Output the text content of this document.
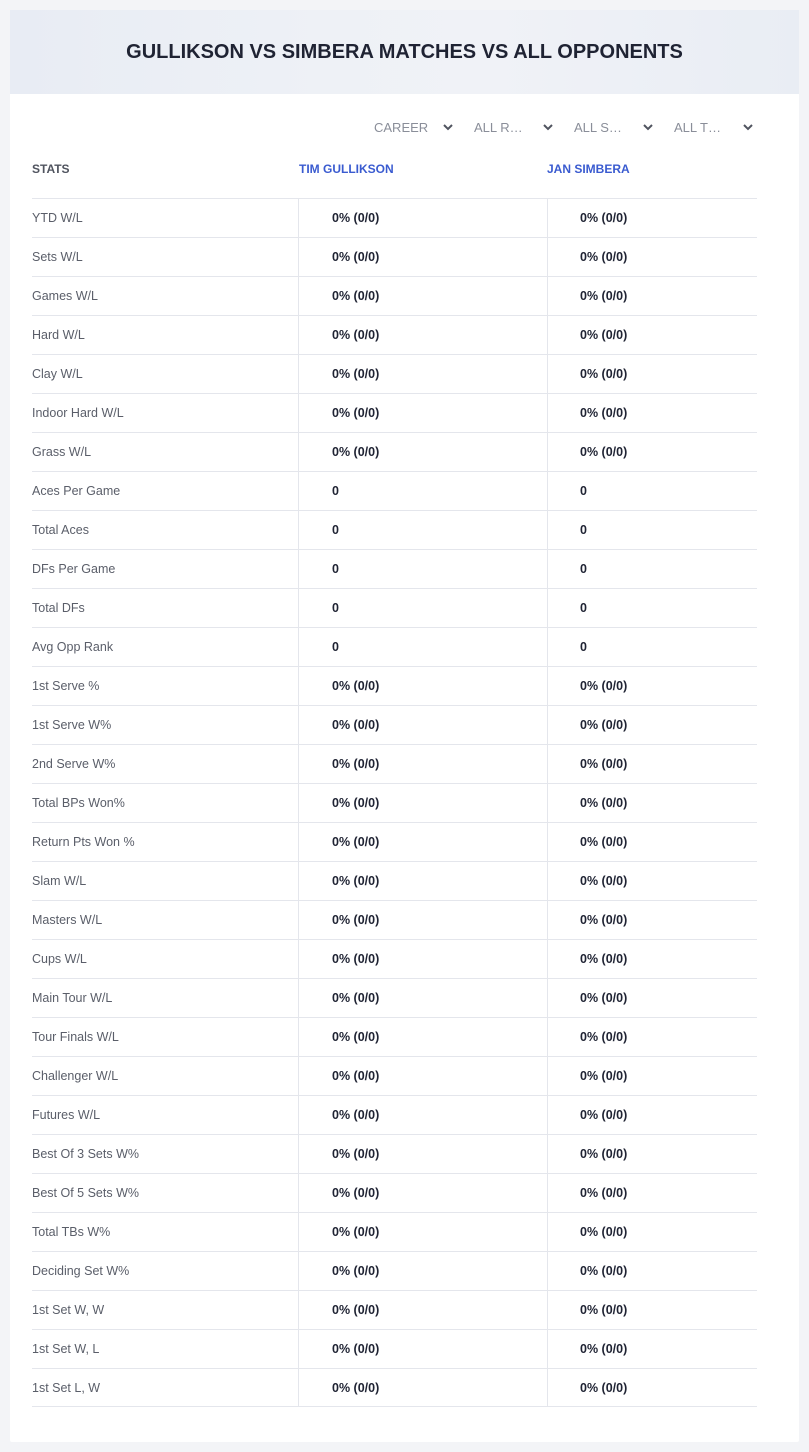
GULLIKSON VS SIMBERA MATCHES VS ALL OPPONENTS
CAREER	ALL R…	ALL S…	ALL T…
STATS	TIM GULLIKSON	JAN SIMBERA
YTD W/L	0% (0/0)	0% (0/0)
Sets W/L	0% (0/0)	0% (0/0)
Games W/L	0% (0/0)	0% (0/0)
Hard W/L	0% (0/0)	0% (0/0)
Clay W/L	0% (0/0)	0% (0/0)
Indoor Hard W/L	0% (0/0)	0% (0/0)
Grass W/L	0% (0/0)	0% (0/0)
Aces Per Game	0	0
Total Aces	0	0
DFs Per Game	0	0
Total DFs	0	0
Avg Opp Rank	0	0
1st Serve %	0% (0/0)	0% (0/0)
1st Serve W%	0% (0/0)	0% (0/0)
2nd Serve W%	0% (0/0)	0% (0/0)
Total BPs Won%	0% (0/0)	0% (0/0)
Return Pts Won %	0% (0/0)	0% (0/0)
Slam W/L	0% (0/0)	0% (0/0)
Masters W/L	0% (0/0)	0% (0/0)
Cups W/L	0% (0/0)	0% (0/0)
Main Tour W/L	0% (0/0)	0% (0/0)
Tour Finals W/L	0% (0/0)	0% (0/0)
Challenger W/L	0% (0/0)	0% (0/0)
Futures W/L	0% (0/0)	0% (0/0)
Best Of 3 Sets W%	0% (0/0)	0% (0/0)
Best Of 5 Sets W%	0% (0/0)	0% (0/0)
Total TBs W%	0% (0/0)	0% (0/0)
Deciding Set W%	0% (0/0)	0% (0/0)
1st Set W, W	0% (0/0)	0% (0/0)
1st Set W, L	0% (0/0)	0% (0/0)
1st Set L, W	0% (0/0)	0% (0/0)
